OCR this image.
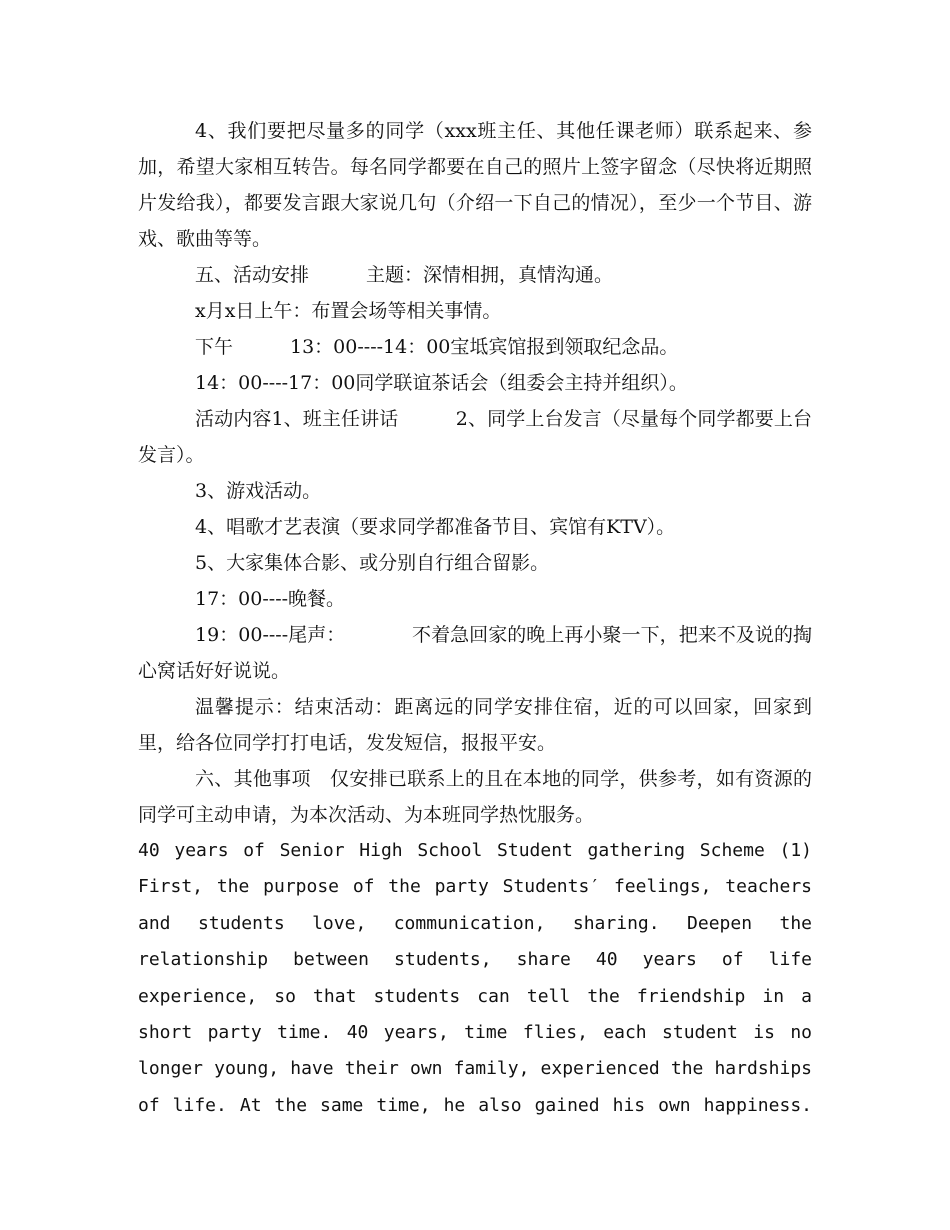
4、我们要把尽量多的同学（xxx班主任、其他任课老师）联系起来、参加，希望大家相互转告。每名同学都要在自己的照片上签字留念（尽快将近期照片发给我），都要发言跟大家说几句（介绍一下自己的情况），至少一个节目、游戏、歌曲等等。

五、活动安排　　　主题：深情相拥，真情沟通。

x月x日上午：布置会场等相关事情。

下午　　　13：00----14：00宝坻宾馆报到领取纪念品。

14：00----17：00同学联谊茶话会（组委会主持并组织）。

活动内容1、班主任讲话　　　2、同学上台发言（尽量每个同学都要上台发言）。

3、游戏活动。

4、唱歌才艺表演（要求同学都准备节目、宾馆有KTV）。

5、大家集体合影、或分别自行组合留影。

17：00----晚餐。

19：00----尾声：　　　　不着急回家的晚上再小聚一下，把来不及说的掏心窝话好好说说。

温馨提示：结束活动：距离远的同学安排住宿，近的可以回家，回家到里，给各位同学打打电话，发发短信，报报平安。

六、其他事项　仅安排已联系上的且在本地的同学，供参考，如有资源的同学可主动申请，为本次活动、为本班同学热忱服务。

40 years of Senior High School Student gathering Scheme (1)

First, the purpose of the party Students′ feelings, teachers

and students love, communication, sharing. Deepen the

relationship between students, share 40 years of life

experience, so that students can tell the friendship in a

short party time. 40 years, time flies, each student is no

longer young, have their own family, experienced the hardships

of life. At the same time, he also gained his own happiness.
